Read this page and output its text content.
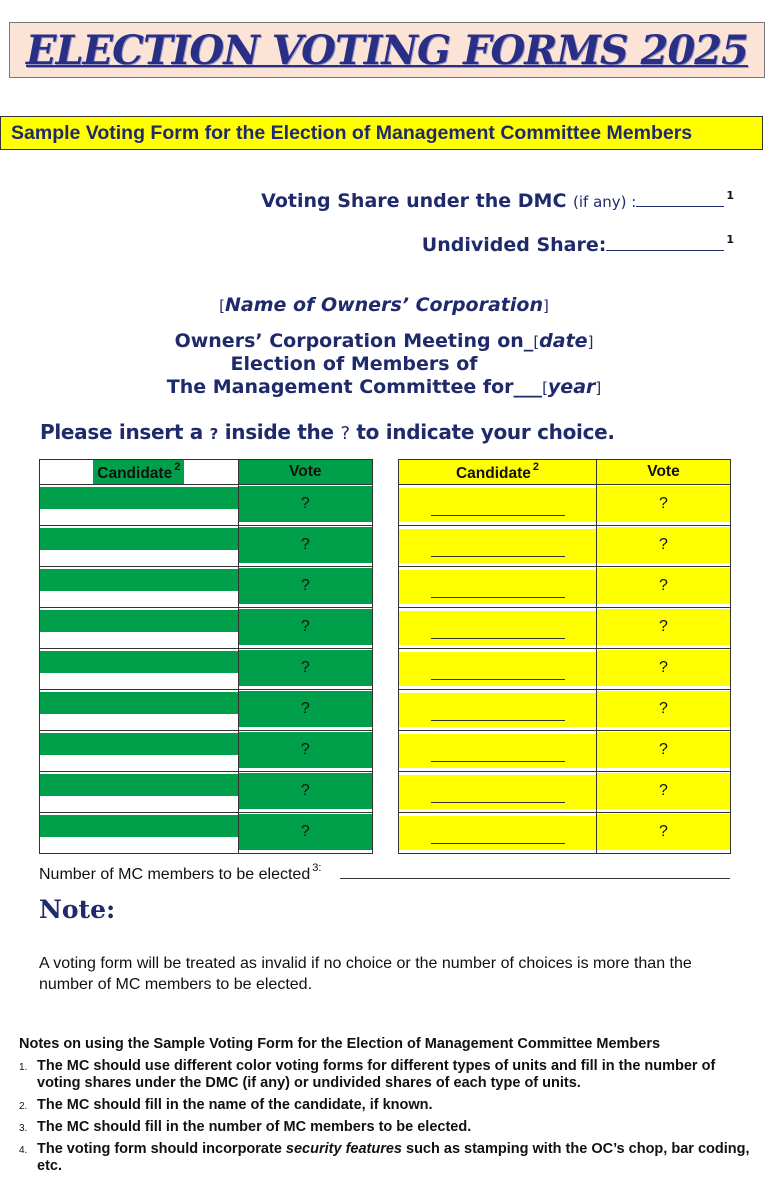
ELECTION VOTING FORMS 2025
Sample Voting Form for the Election of Management Committee Members
Voting Share under the DMC (if any) :	$^1$
Undivided Share:	$^1$
[Name of Owners’ Corporation]
Owners’ Corporation Meeting on_[date]
Election of Members of
The Management Committee for___[year]
Please insert a ? inside the ? to indicate your choice.
Candidate $^2$	Vote

	?

	?

	?

	?

	?

	?

	?

	?

	?
Candidate $^2$	Vote

	?

	?

	?

	?

	?

	?

	?

	?

	?
Number of MC members to be elected $^{3:}$
Note:
A voting form will be treated as invalid if no choice or the number of choices is more than the number of MC members to be elected.
Notes on using the Sample Voting Form for the Election of Management Committee Members
1. The MC should use different color voting forms for different types of units and fill in the number of voting shares under the DMC (if any) or undivided shares of each type of units.
2. The MC should fill in the name of the candidate, if known.
3. The MC should fill in the number of MC members to be elected.
4. The voting form should incorporate security features such as stamping with the OC’s chop, bar coding, etc.
